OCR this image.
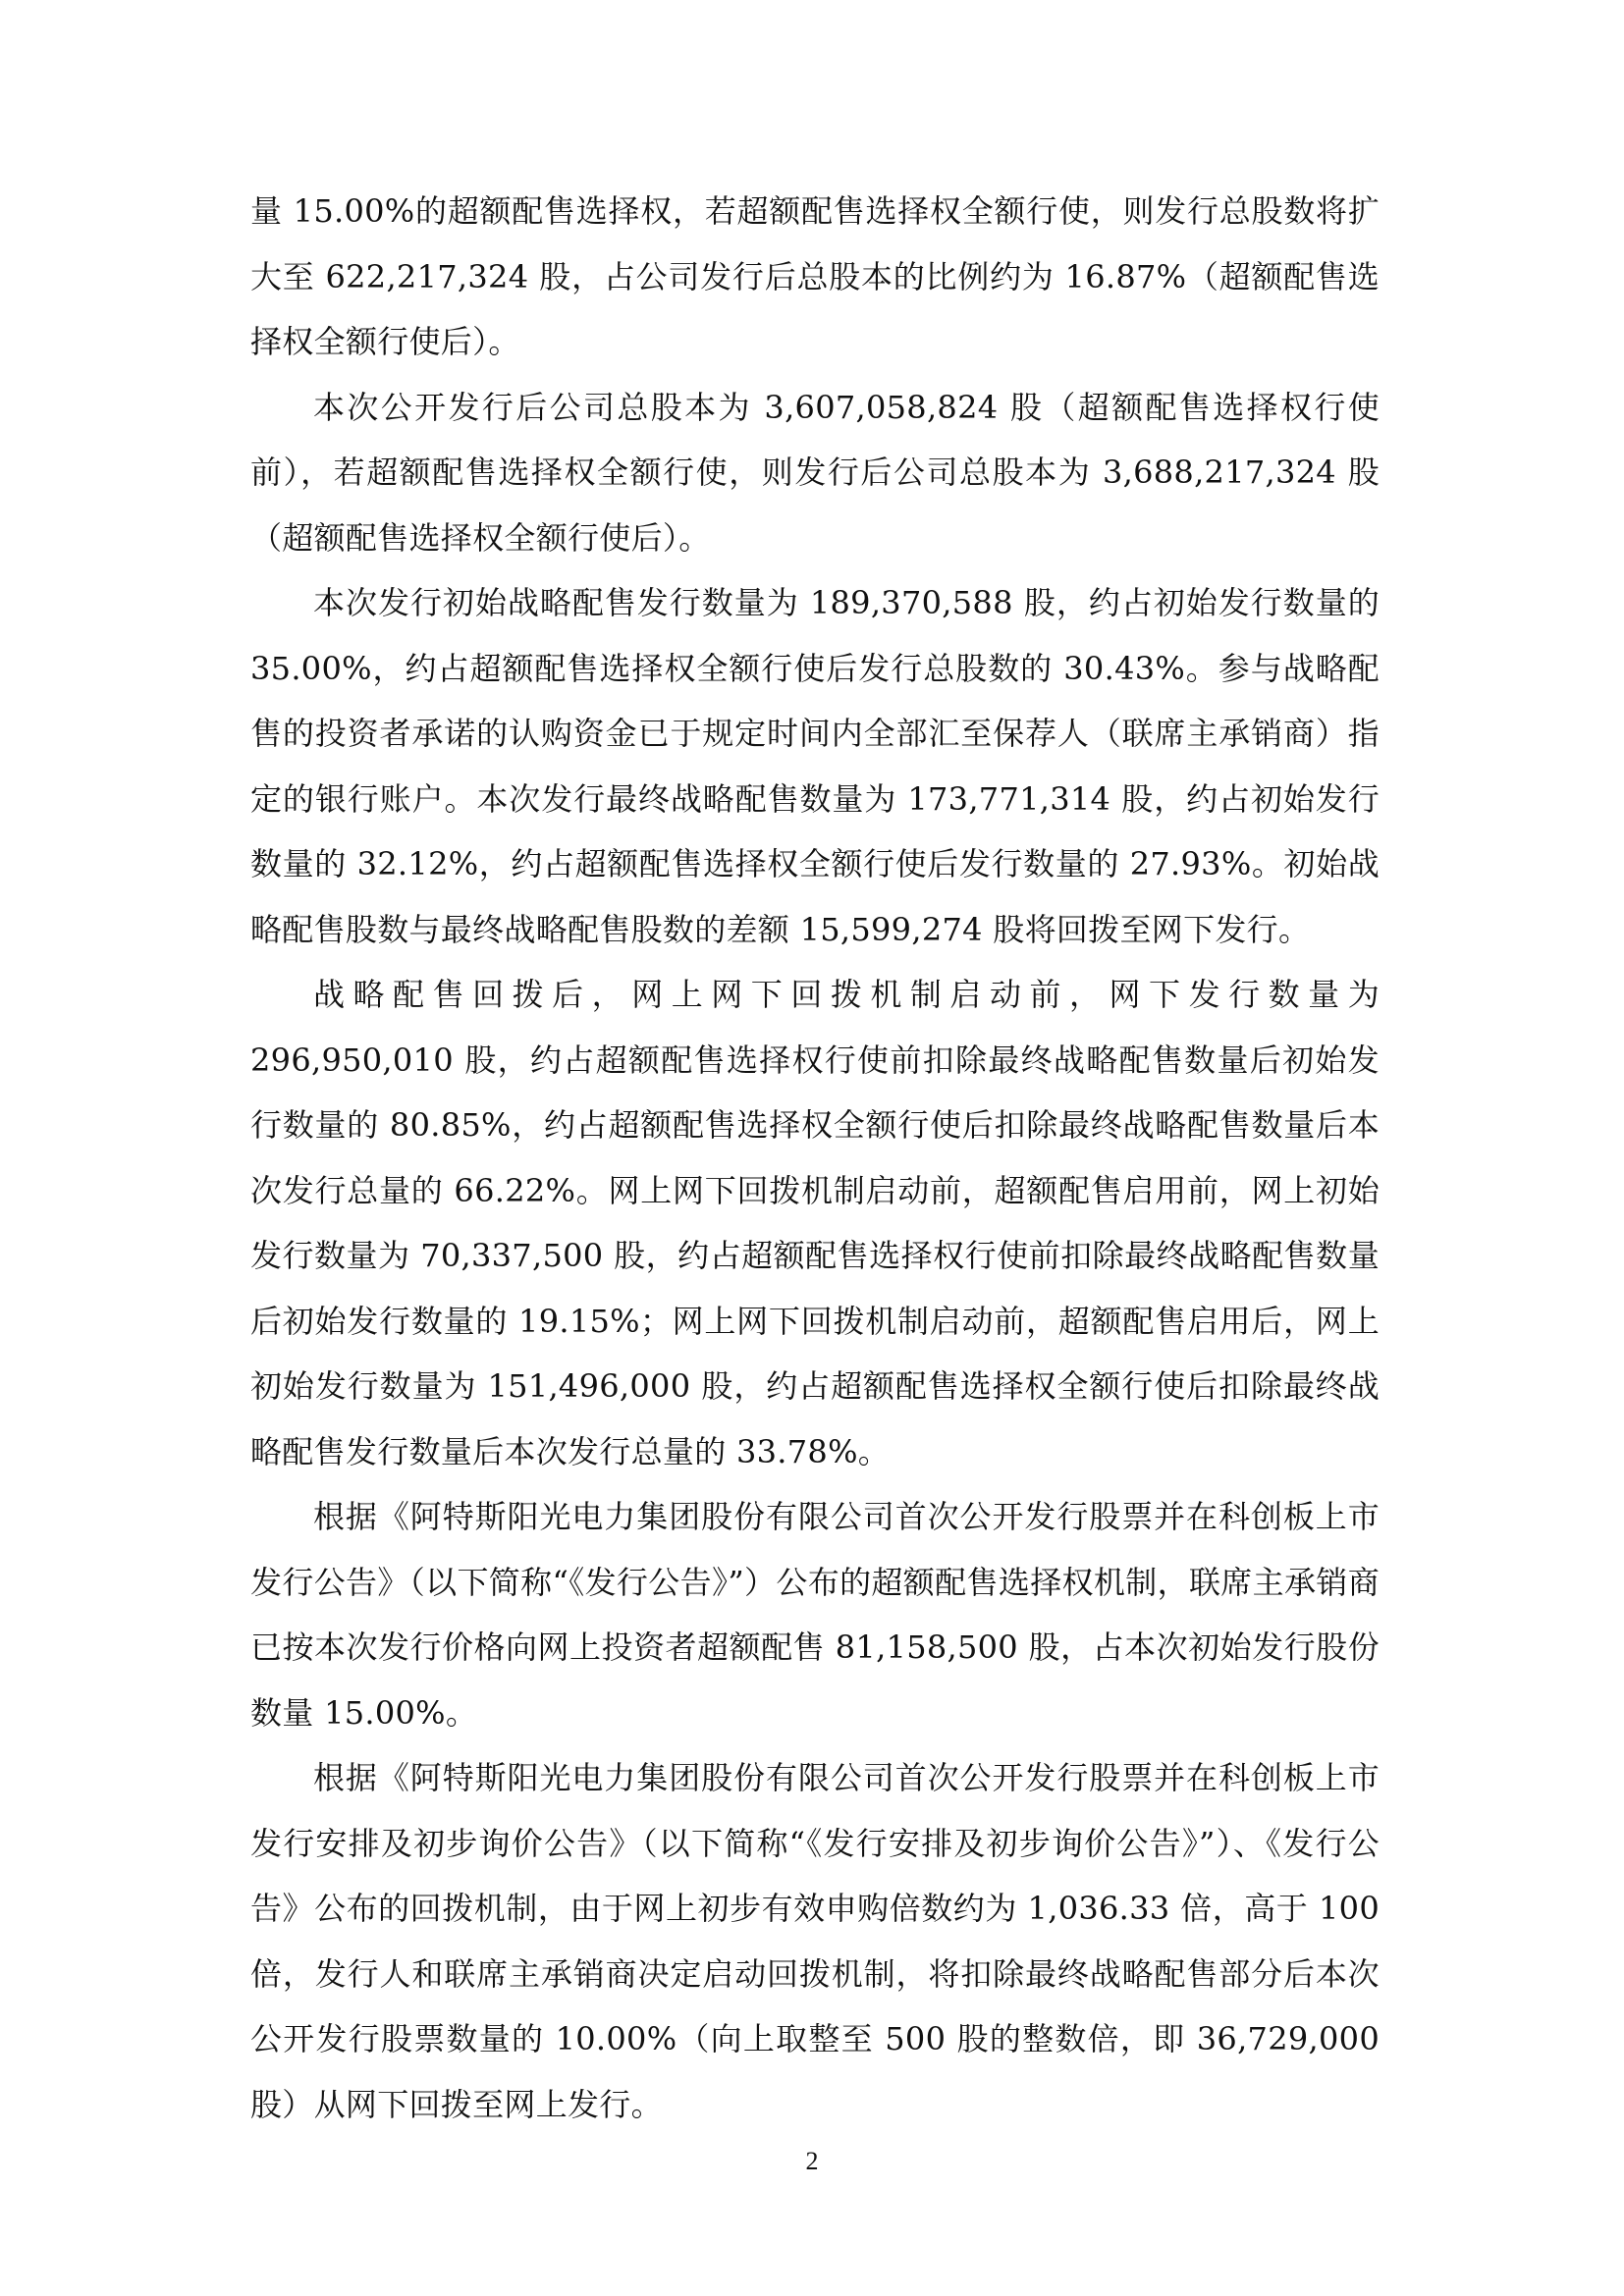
量 15.00%的超额配售选择权，若超额配售选择权全额行使，则发行总股数将扩大至 622,217,324 股，占公司发行后总股本的比例约为 16.87%（超额配售选择权全额行使后）。

本次公开发行后公司总股本为 3,607,058,824 股（超额配售选择权行使前），若超额配售选择权全额行使，则发行后公司总股本为 3,688,217,324 股（超额配售选择权全额行使后）。

本次发行初始战略配售发行数量为 189,370,588 股，约占初始发行数量的 35.00%，约占超额配售选择权全额行使后发行总股数的 30.43%。参与战略配售的投资者承诺的认购资金已于规定时间内全部汇至保荐人（联席主承销商）指定的银行账户。本次发行最终战略配售数量为 173,771,314 股，约占初始发行数量的 32.12%，约占超额配售选择权全额行使后发行数量的 27.93%。初始战略配售股数与最终战略配售股数的差额 15,599,274 股将回拨至网下发行。

战略配售回拨后，网上网下回拨机制启动前，网下发行数量为 296,950,010 股，约占超额配售选择权行使前扣除最终战略配售数量后初始发行数量的 80.85%，约占超额配售选择权全额行使后扣除最终战略配售数量后本次发行总量的 66.22%。网上网下回拨机制启动前，超额配售启用前，网上初始发行数量为 70,337,500 股，约占超额配售选择权行使前扣除最终战略配售数量后初始发行数量的 19.15%；网上网下回拨机制启动前，超额配售启用后，网上初始发行数量为 151,496,000 股，约占超额配售选择权全额行使后扣除最终战略配售发行数量后本次发行总量的 33.78%。

根据《阿特斯阳光电力集团股份有限公司首次公开发行股票并在科创板上市发行公告》（以下简称“《发行公告》”）公布的超额配售选择权机制，联席主承销商已按本次发行价格向网上投资者超额配售 81,158,500 股，占本次初始发行股份数量 15.00%。

根据《阿特斯阳光电力集团股份有限公司首次公开发行股票并在科创板上市发行安排及初步询价公告》（以下简称“《发行安排及初步询价公告》”）、《发行公告》公布的回拨机制，由于网上初步有效申购倍数约为 1,036.33 倍，高于 100 倍，发行人和联席主承销商决定启动回拨机制，将扣除最终战略配售部分后本次公开发行股票数量的 10.00%（向上取整至 500 股的整数倍，即 36,729,000 股）从网下回拨至网上发行。

2
